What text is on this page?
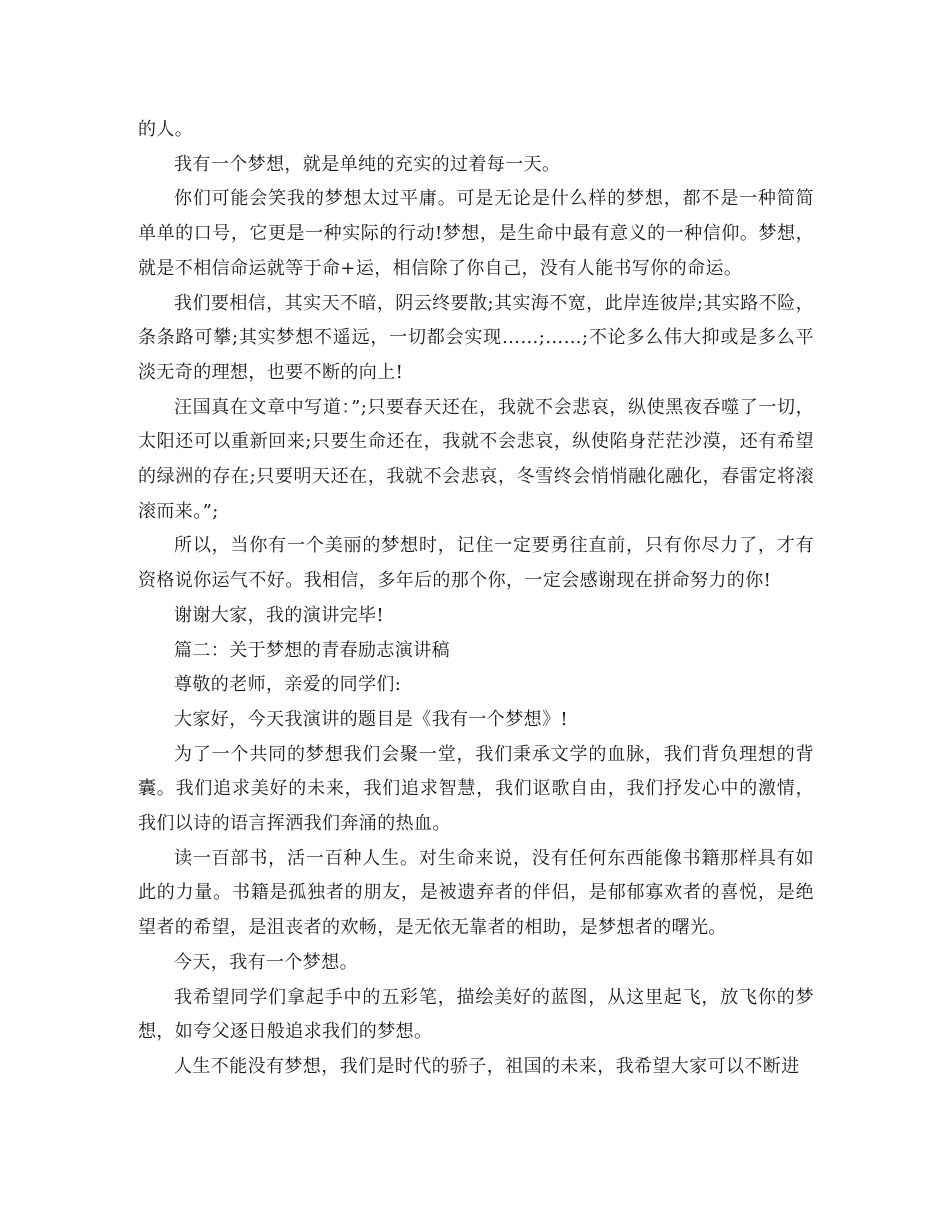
的人。

我有一个梦想，就是单纯的充实的过着每一天。

你们可能会笑我的梦想太过平庸。可是无论是什么样的梦想，都不是一种简简单单的口号，它更是一种实际的行动!梦想，是生命中最有意义的一种信仰。梦想，就是不相信命运就等于命+运，相信除了你自己，没有人能书写你的命运。

我们要相信，其实天不暗，阴云终要散;其实海不宽，此岸连彼岸;其实路不险，条条路可攀;其实梦想不遥远，一切都会实现……;……;不论多么伟大抑或是多么平淡无奇的理想，也要不断的向上!

汪国真在文章中写道：”;只要春天还在，我就不会悲哀，纵使黑夜吞噬了一切，太阳还可以重新回来;只要生命还在，我就不会悲哀，纵使陷身茫茫沙漠，还有希望的绿洲的存在;只要明天还在，我就不会悲哀，冬雪终会悄悄融化融化，春雷定将滚滚而来。”;

所以，当你有一个美丽的梦想时，记住一定要勇往直前，只有你尽力了，才有资格说你运气不好。我相信，多年后的那个你，一定会感谢现在拼命努力的你!

谢谢大家，我的演讲完毕!

篇二：关于梦想的青春励志演讲稿

尊敬的老师，亲爱的同学们:

大家好，今天我演讲的题目是《我有一个梦想》!

为了一个共同的梦想我们会聚一堂，我们秉承文学的血脉，我们背负理想的背囊。我们追求美好的未来，我们追求智慧，我们讴歌自由，我们抒发心中的激情，我们以诗的语言挥洒我们奔涌的热血。

读一百部书，活一百种人生。对生命来说，没有任何东西能像书籍那样具有如此的力量。书籍是孤独者的朋友，是被遗弃者的伴侣，是郁郁寡欢者的喜悦，是绝望者的希望，是沮丧者的欢畅，是无依无靠者的相助，是梦想者的曙光。

今天，我有一个梦想。

我希望同学们拿起手中的五彩笔，描绘美好的蓝图，从这里起飞，放飞你的梦想，如夸父逐日般追求我们的梦想。

人生不能没有梦想，我们是时代的骄子，祖国的未来，我希望大家可以不断进
